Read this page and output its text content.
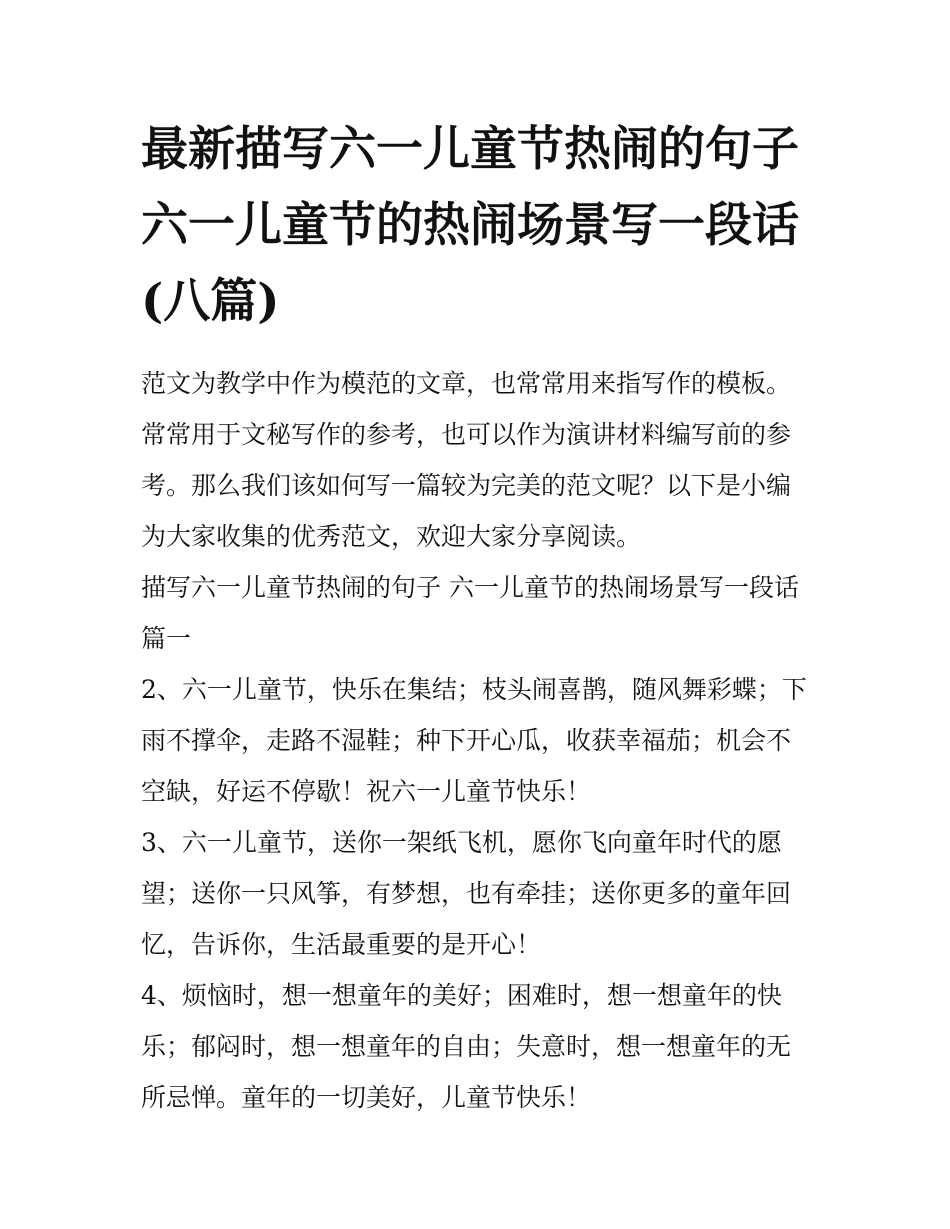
最新描写六一儿童节热闹的句子 六一儿童节的热闹场景写一段话(八篇)

范文为教学中作为模范的文章，也常常用来指写作的模板。常常用于文秘写作的参考，也可以作为演讲材料编写前的参考。那么我们该如何写一篇较为完美的范文呢？以下是小编为大家收集的优秀范文，欢迎大家分享阅读。

描写六一儿童节热闹的句子 六一儿童节的热闹场景写一段话篇一

2、六一儿童节，快乐在集结；枝头闹喜鹊，随风舞彩蝶；下雨不撑伞，走路不湿鞋；种下开心瓜，收获幸福茄；机会不空缺，好运不停歇！祝六一儿童节快乐！

3、六一儿童节，送你一架纸飞机，愿你飞向童年时代的愿望；送你一只风筝，有梦想，也有牵挂；送你更多的童年回忆，告诉你，生活最重要的是开心！

4、烦恼时，想一想童年的美好；困难时，想一想童年的快乐；郁闷时，想一想童年的自由；失意时，想一想童年的无所忌惮。童年的一切美好，儿童节快乐！
